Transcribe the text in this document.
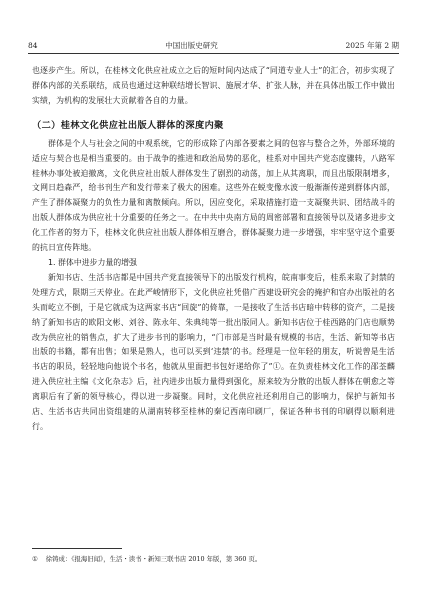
84	中国出版史研究	2025 年第 2 期

也逐步产生。所以，在桂林文化供应社成立之后的短时间内达成了“同道专业人士”的汇合，初步实现了群体内部的关系联结，成员也通过这种联结增长智识、施展才华、扩张人脉，并在具体出版工作中做出实绩，为机构的发展壮大贡献着各自的力量。

（二）桂林文化供应社出版人群体的深度内聚

群体是个人与社会之间的中观系统，它的形成除了内部各要素之间的包容与整合之外，外部环境的适应与契合也是相当重要的。由于战争的推进和政治局势的恶化，桂系对中国共产党态度骤转，八路军桂林办事处被迫撤离，文化供应社出版人群体发生了剧烈的动荡，加上从其离职，而且出版限制增多，文网日趋森严，给书刊生产和发行带来了极大的困难。这些外在蜕变像水波一般渐渐传递到群体内部，产生了群体凝聚力的负性力量和离散倾向。所以，因应变化，采取措施打造一支凝聚共识、团结战斗的出版人群体成为供应社十分重要的任务之一。在中共中央南方局的周密部署和直接领导以及诸多进步文化工作者的努力下，桂林文化供应社出版人群体相互磨合，群体凝聚力进一步增强，牢牢坚守这个重要的抗日宣传阵地。

1. 群体中进步力量的增强

新知书店、生活书店都是中国共产党直接领导下的出版发行机构，皖南事变后，桂系来取了封禁的处理方式，限期三天停业。在此严峻情形下，文化供应社凭借广西建设研究会的掩护和官办出版社的名头而屹立不倒，于是它就成为这两家书店“回旋”的倚靠，一是接收了生活书店暗中转移的资产，二是接纳了新知书店的欧阳文彬、刘谷、陈永年、朱典纯等一批出版同人。新知书店位于桂西路的门店也顺势改为供应社的销售点，扩大了进步书刊的影响力，“门市部是当时最有规模的书店，生活、新知等书店出版的书籍，都有出售；如果是熟人，也可以买到‘违禁’的书。经理是一位年轻的朋友，听说曾是生活书店的职员，轻轻地向他说个书名，他就从里面把书包好递给你了”①。在负责桂林文化工作的邵荃麟进入供应社主编《文化杂志》后，社内进步出版力量得到强化，原来较为分散的出版人群体在朝愈之等离职后有了新的领导核心，得以进一步凝聚。同时，文化供应社还利用自己的影响力，保护与新知书店、生活书店共同出资组建的从湖南转移至桂林的秦记西南印刷厂，保证各种书刊的印刷得以顺利进行。

① 徐铸成：《报海旧闻》，生活・读书・新知三联书店 2010 年版，第 360 页。
